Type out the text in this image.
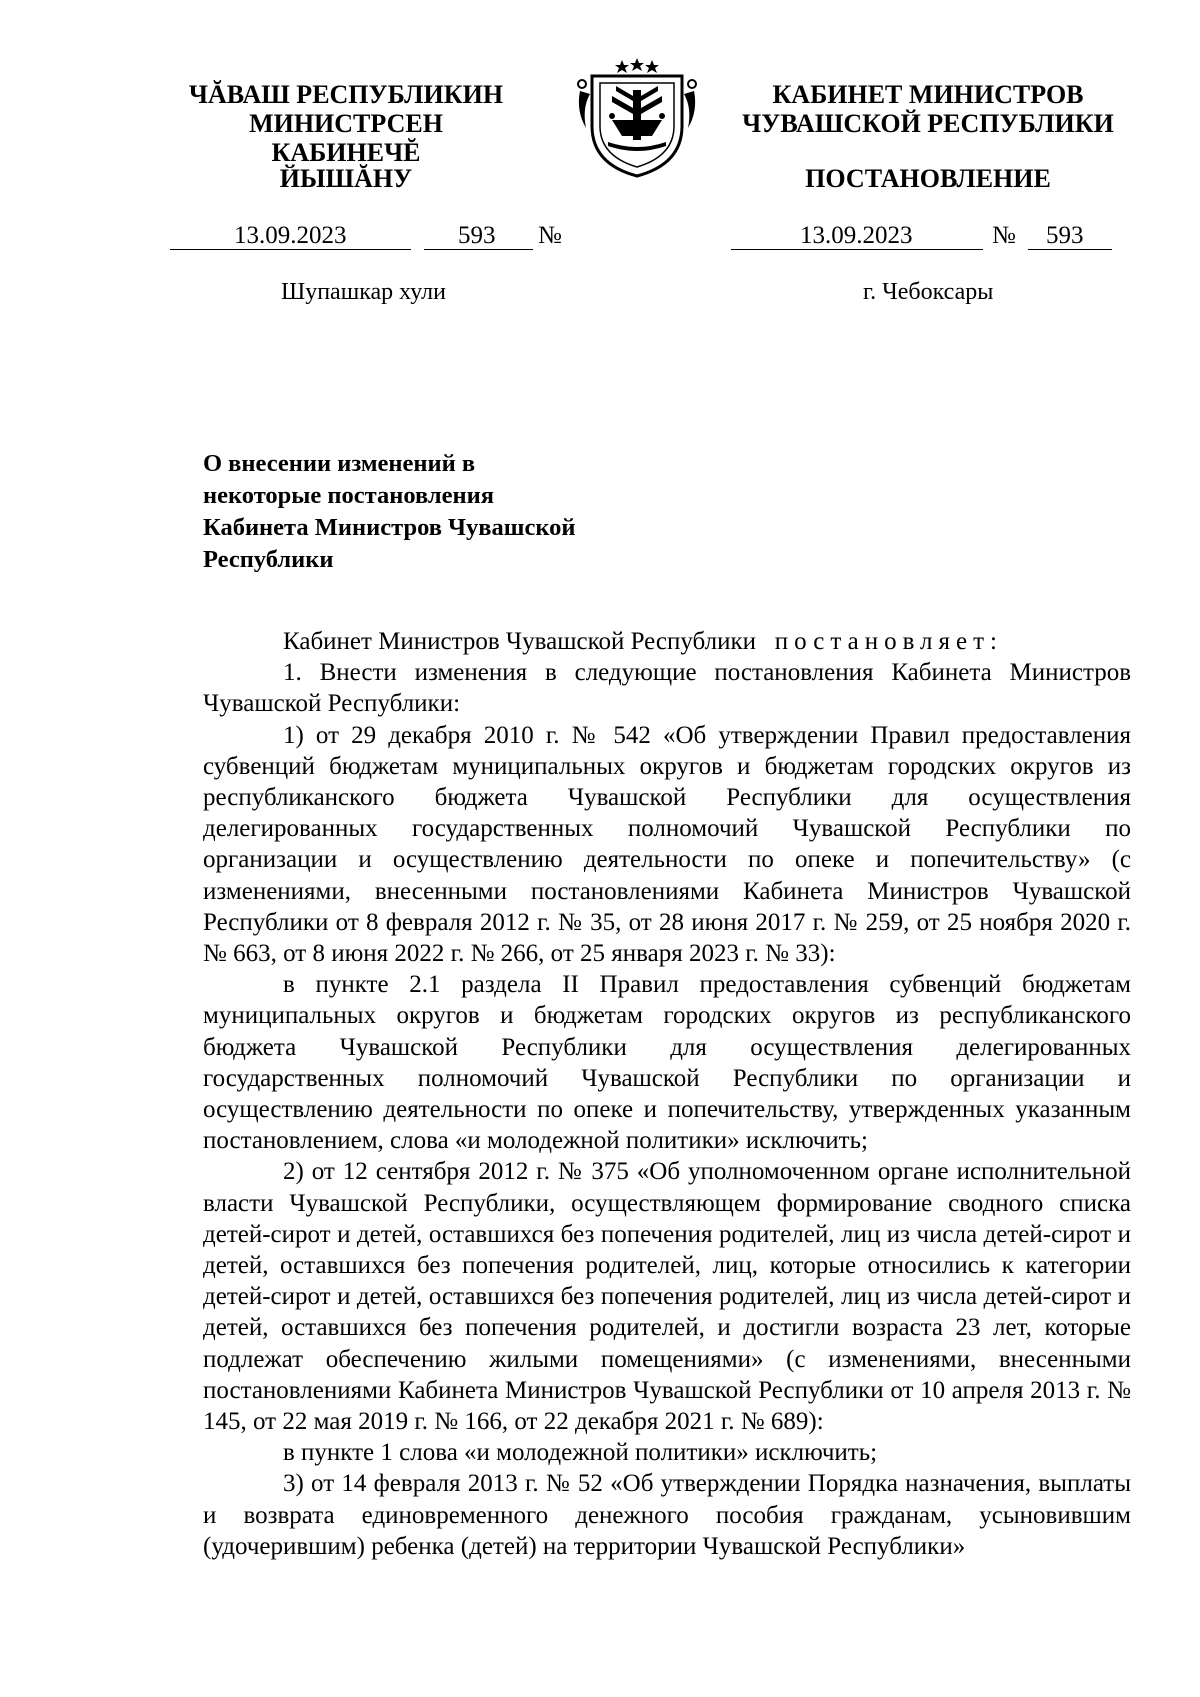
ЧĂВАШ РЕСПУБЛИКИН
МИНИСТРСЕН КАБИНЕЧĔ
ЙЫШĂНУ
КАБИНЕТ МИНИСТРОВ
ЧУВАШСКОЙ РЕСПУБЛИКИ
ПОСТАНОВЛЕНИЕ
13.09.2023	593 №	13.09.2023	№ 593
Шупашкар хули	г. Чебоксары
О внесении изменений в некоторые постановления Кабинета Министров Чувашской Республики

Кабинет Министров Чувашской Республики постановляет:

1. Внести изменения в следующие постановления Кабинета Министров Чувашской Республики:

1) от 29 декабря 2010 г. № 542 «Об утверждении Правил предоставления субвенций бюджетам муниципальных округов и бюджетам городских округов из республиканского бюджета Чувашской Республики для осуществления делегированных государственных полномочий Чувашской Республики по организации и осуществлению деятельности по опеке и попечительству» (с изменениями, внесенными постановлениями Кабинета Министров Чувашской Республики от 8 февраля 2012 г. № 35, от 28 июня 2017 г. № 259, от 25 ноября 2020 г. № 663, от 8 июня 2022 г. № 266, от 25 января 2023 г. № 33):

в пункте 2.1 раздела II Правил предоставления субвенций бюджетам муниципальных округов и бюджетам городских округов из республиканского бюджета Чувашской Республики для осуществления делегированных государственных полномочий Чувашской Республики по организации и осуществлению деятельности по опеке и попечительству, утвержденных указанным постановлением, слова «и молодежной политики» исключить;

2) от 12 сентября 2012 г. № 375 «Об уполномоченном органе исполнительной власти Чувашской Республики, осуществляющем формирование сводного списка детей-сирот и детей, оставшихся без попечения родителей, лиц из числа детей-сирот и детей, оставшихся без попечения родителей, лиц, которые относились к категории детей-сирот и детей, оставшихся без попечения родителей, лиц из числа детей-сирот и детей, оставшихся без попечения родителей, и достигли возраста 23 лет, которые подлежат обеспечению жилыми помещениями» (с изменениями, внесенными постановлениями Кабинета Министров Чувашской Республики от 10 апреля 2013 г. № 145, от 22 мая 2019 г. № 166, от 22 декабря 2021 г. № 689):

в пункте 1 слова «и молодежной политики» исключить;

3) от 14 февраля 2013 г. № 52 «Об утверждении Порядка назначения, выплаты и возврата единовременного денежного пособия гражданам, усыновившим (удочерившим) ребенка (детей) на территории Чувашской Республики»
